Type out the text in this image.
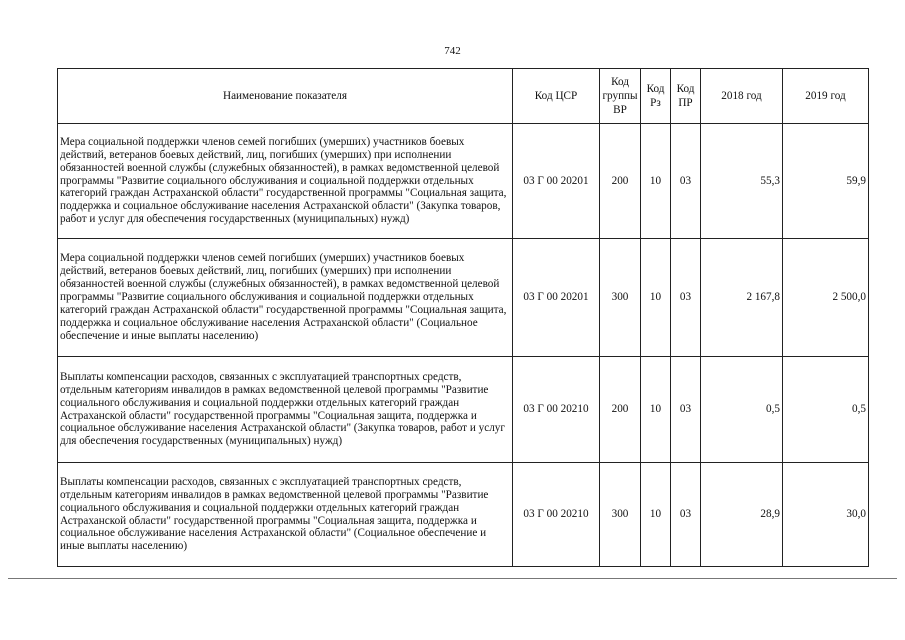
742
Наименование показателя	Код ЦСР	Код группы ВР	Код Рз	Код ПР	2018 год	2019 год
Мера социальной поддержки членов семей погибших (умерших) участников боевых действий, ветеранов боевых действий, лиц, погибших (умерших) при исполнении обязанностей военной службы (служебных обязанностей), в рамках ведомственной целевой программы "Развитие социального обслуживания и социальной поддержки отдельных категорий граждан Астраханской области" государственной программы "Социальная защита, поддержка и социальное обслуживание населения Астраханской области" (Закупка товаров, работ и услуг для обеспечения государственных (муниципальных) нужд)	03 Г 00 20201	200	10	03	55,3	59,9
Мера социальной поддержки членов семей погибших (умерших) участников боевых действий, ветеранов боевых действий, лиц, погибших (умерших) при исполнении обязанностей военной службы (служебных обязанностей), в рамках ведомственной целевой программы "Развитие социального обслуживания и социальной поддержки отдельных категорий граждан Астраханской области" государственной программы "Социальная защита, поддержка и социальное обслуживание населения Астраханской области" (Социальное обеспечение и иные выплаты населению)	03 Г 00 20201	300	10	03	2 167,8	2 500,0
Выплаты компенсации расходов, связанных с эксплуатацией транспортных средств, отдельным категориям инвалидов в рамках ведомственной целевой программы "Развитие социального обслуживания и социальной поддержки отдельных категорий граждан Астраханской области" государственной программы "Социальная защита, поддержка и социальное обслуживание населения Астраханской области" (Закупка товаров, работ и услуг для обеспечения государственных (муниципальных) нужд)	03 Г 00 20210	200	10	03	0,5	0,5
Выплаты компенсации расходов, связанных с эксплуатацией транспортных средств, отдельным категориям инвалидов в рамках ведомственной целевой программы "Развитие социального обслуживания и социальной поддержки отдельных категорий граждан Астраханской области" государственной программы "Социальная защита, поддержка и социальное обслуживание населения Астраханской области" (Социальное обеспечение и иные выплаты населению)	03 Г 00 20210	300	10	03	28,9	30,0
